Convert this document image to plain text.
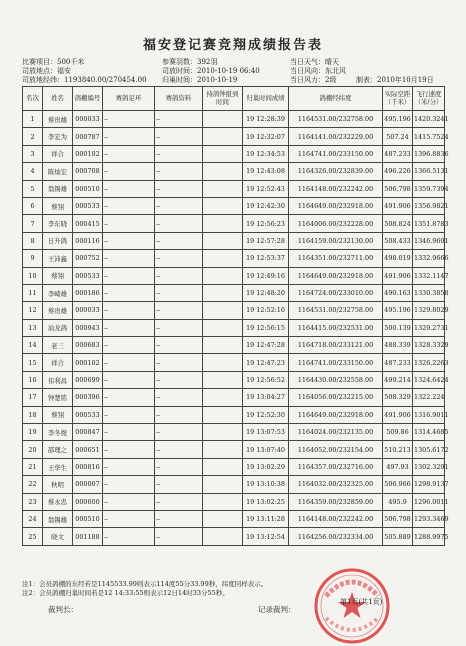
福安登记赛竞翔成绩报告表
比赛项目：500千米
司放地点：福安
司放地经纬：1193840.00/270454.00
参赛羽数：392羽
司放时间：2010-10-19 06:40
归巢时间：2010-10-19
当日天气：晴天
当日风向：东北风
当日风力：2级	制表：2010年10月19日
名次	姓名	鸽棚编号	赛鸽足环	赛鸽资料	持鸽钟报到时间	归巢时间成绩	鸽棚经纬度	实际空距（千米）	飞行速度（米/分）
1	蔡贵雄	000033	--	--		19 12:28:39	1164531.00/232758.00	495.196	1420.3241
2	李宏为	000787	--	--		19 12:32:07	1164141.00/232229.00	507.24	1415.7524
3	祥合	000102	--	--		19 12:34:53	1164741.00/233150.00	487.233	1396.8836
4	陈灿宏	000708	--	--		19 12:43:08	1164326.00/232839.00	496.226	1366.5131
5	翁锡雄	000510	--	--		19 12:52:43	1164148.00/232242.00	506.798	1359.7394
6	蔡翎	000533	--	--		19 12:42:30	1164649.00/232918.00	491.906	1356.9821
7	李东晓	000415	--	--		19 12:56:23	1164006.00/232228.00	508.824	1351.8783
8	日升鸽	000116	--	--		19 12:57:28	1164159.00/232130.00	508.433	1346.9601
9	王沛鑫	000752	--	--		19 12:53:37	1164351.00/232711.00	498.019	1332.9666
10	蔡翎	000533	--	--		19 12:49:16	1164649.00/232918.00	491.906	1332.1147
11	李崎雄	000186	--	--		19 12:48:20	1164724.00/233010.00	490.163	1330.3858
12	蔡贵雄	000033	--	--		19 12:52:16	1164531.00/232758.00	495.196	1329.8029
13	汕龙鸽	000943	--	--		19 12:56:15	1164415.00/232531.00	500.139	1329.2731
14	老三	000683	--	--		19 12:47:28	1164718.00/233121.00	488.339	1328.3329
15	祥合	000102	--	--		19 12:47:23	1164741.00/233150.00	487.233	1326.2263
16	伟利昌	000699	--	--		19 12:56:52	1164430.00/232558.00	499.214	1324.6424
17	钟楚铭	000396	--	--		19 13:04:27	1164056.00/232215.00	508.329	1322.224
18	蔡翎	000533	--	--		19 12:52:30	1164649.00/232918.00	491.906	1316.9011
19	李冬煜	000847	--	--		19 13:07:53	1164024.00/232135.00	509.86	1314.4685
20	邵理之	000651	--	--		19 13:07:40	1164052.00/232154.00	510.213	1305.6172
21	王华生	000816	--	--		19 13:02:29	1164357.00/232716.00	497.93	1302.3291
22	秋明	000007	--	--		19 13:10:38	1164032.00/232325.00	506.966	1298.9137
23	蔡永忠	000600	--	--		19 13:02:25	1164359.00/232859.00	495.9	1296.0011
24	翁锡雄	000510	--	--		19 13:11:28	1164148.00/232242.00	506.798	1293.3469
25	晓文	001188	--	--		19 13:12:54	1164256.00/232334.00	505.889	1288.9975
注1：会员鸽棚的东经若是1145533.99则表示114度55分33.99秒，纬度同样表示。
注2：会员鸽棚归巢时间若是12 14:33:55则表示12日14时33分55秒。
裁判长：	记录裁判：
第1页(共1页)
